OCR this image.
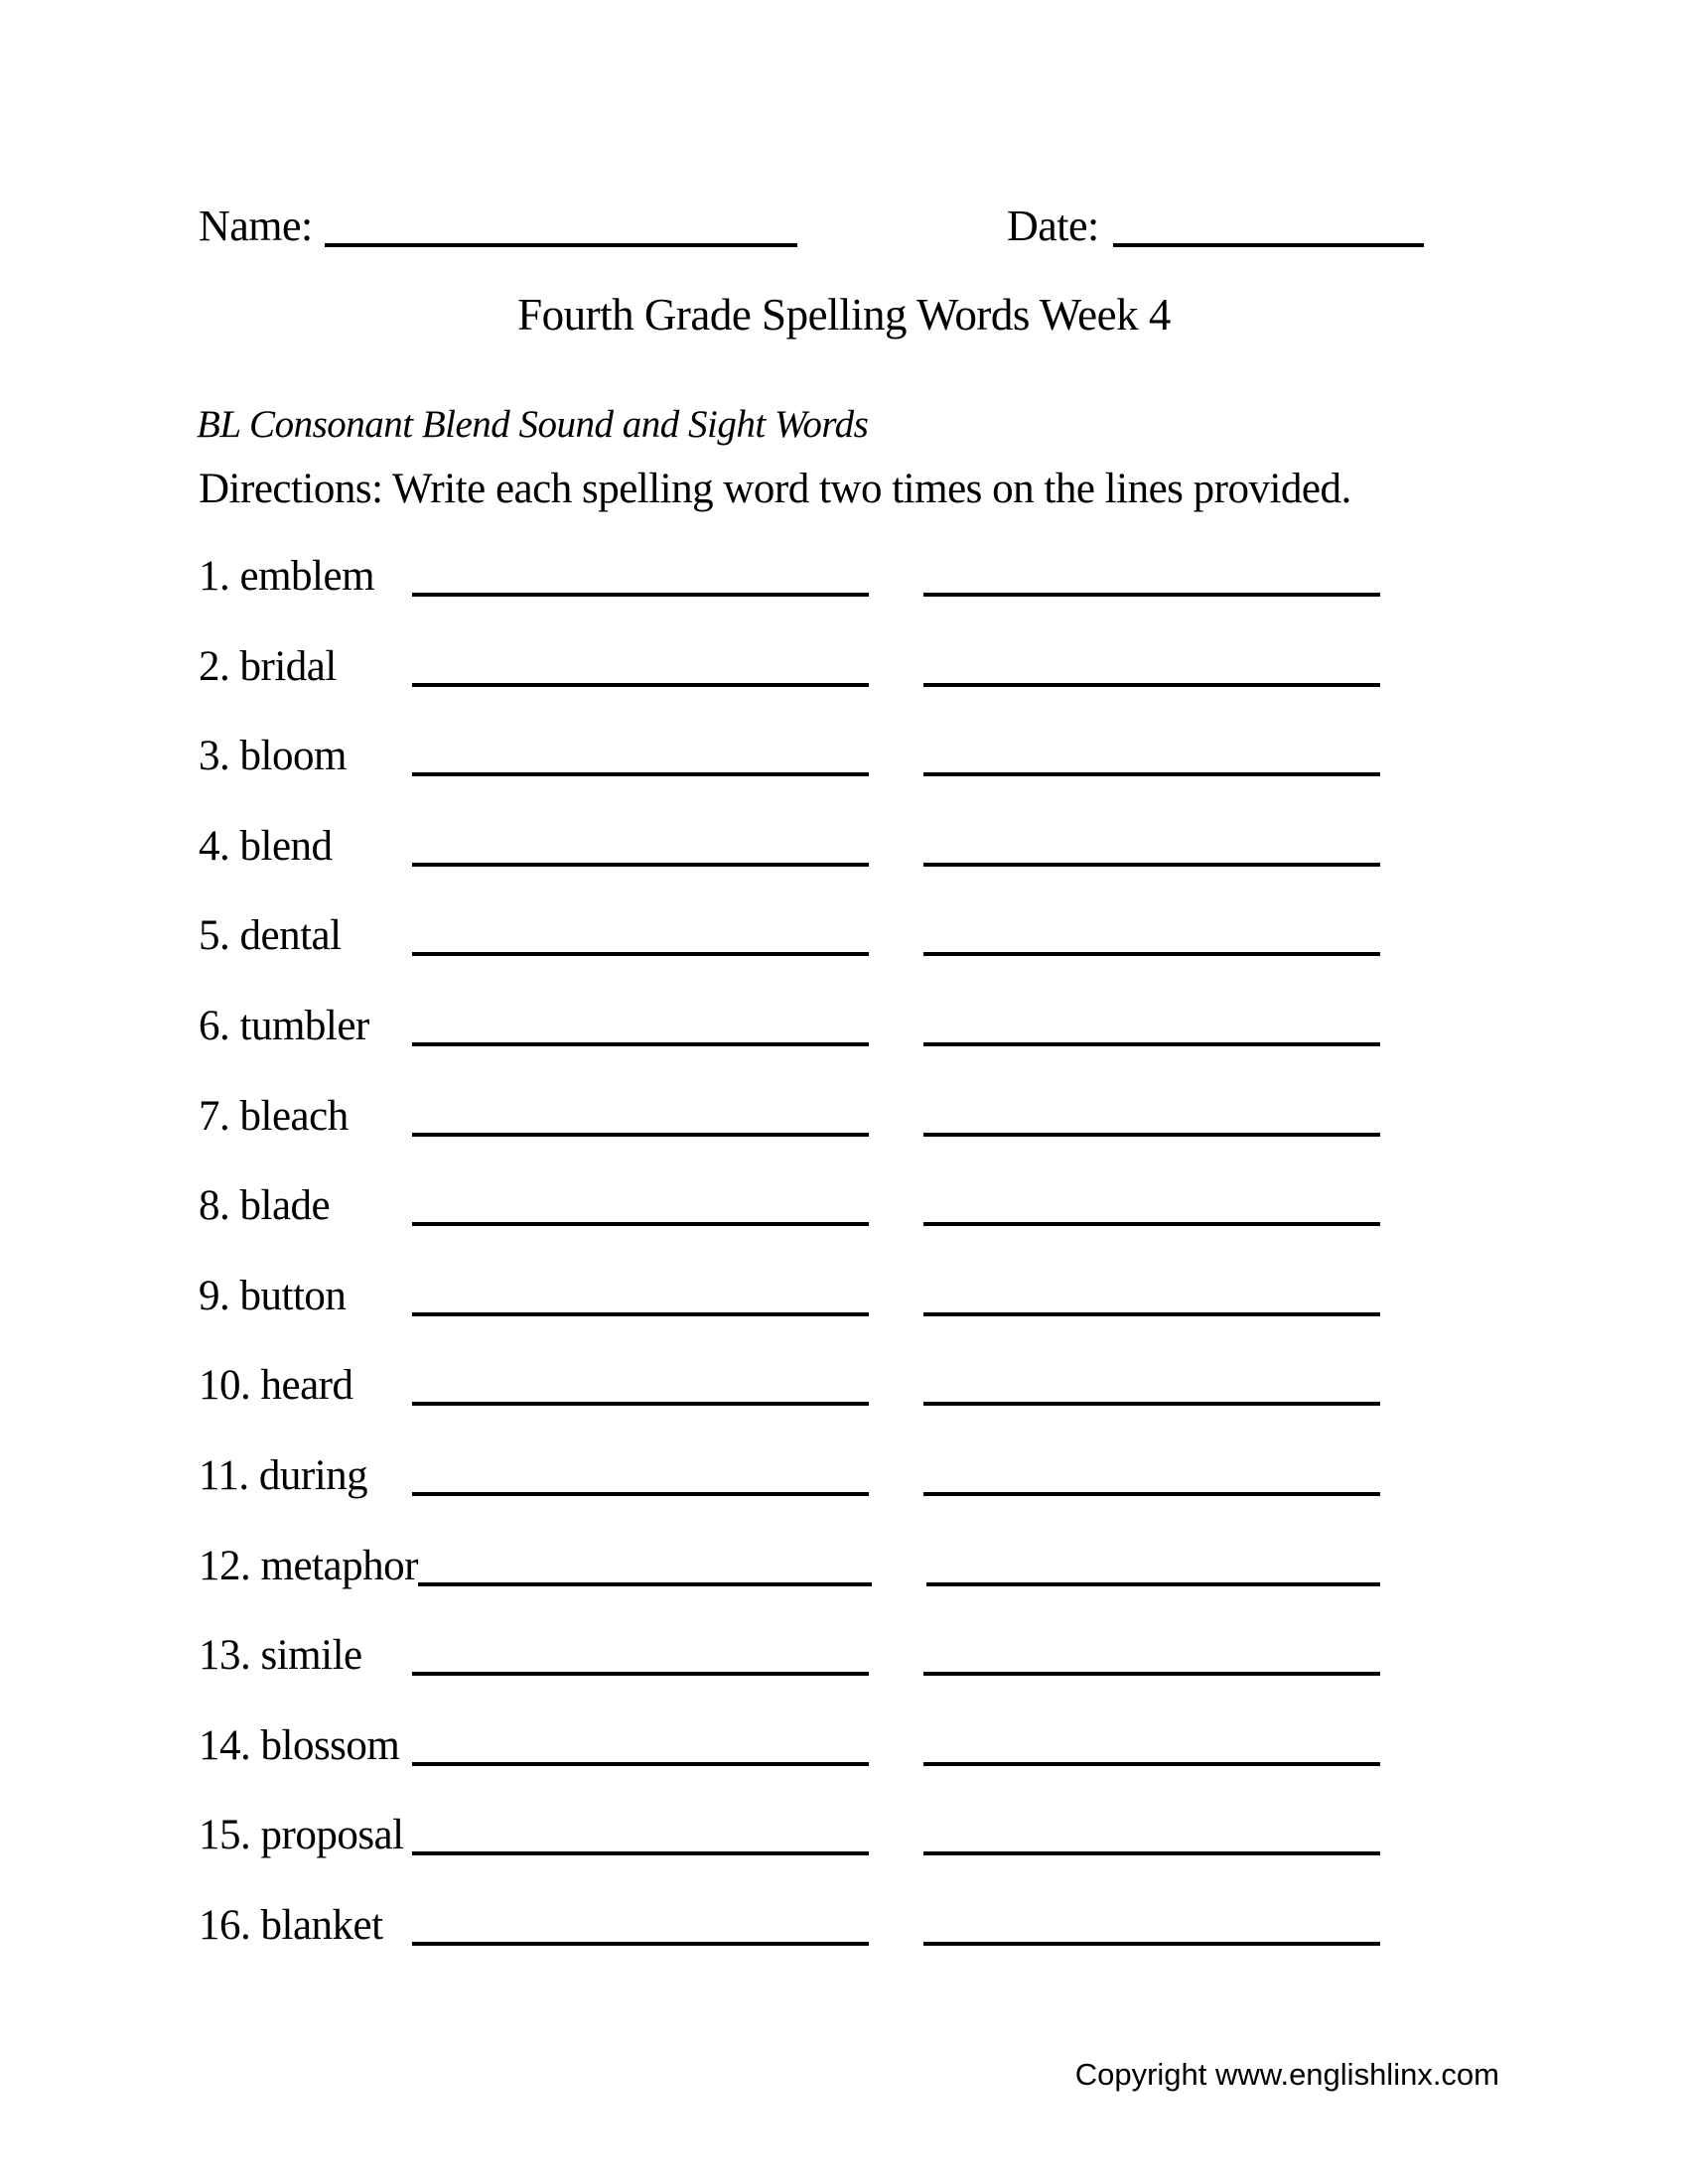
Name:	Date:
Fourth Grade Spelling Words Week 4
BL Consonant Blend Sound and Sight Words
Directions: Write each spelling word two times on the lines provided.
1. emblem
2. bridal
3. bloom
4. blend
5. dental
6. tumbler
7. bleach
8. blade
9. button
10. heard
11. during
12. metaphor
13. simile
14. blossom
15. proposal
16. blanket
Copyright www.englishlinx.com
